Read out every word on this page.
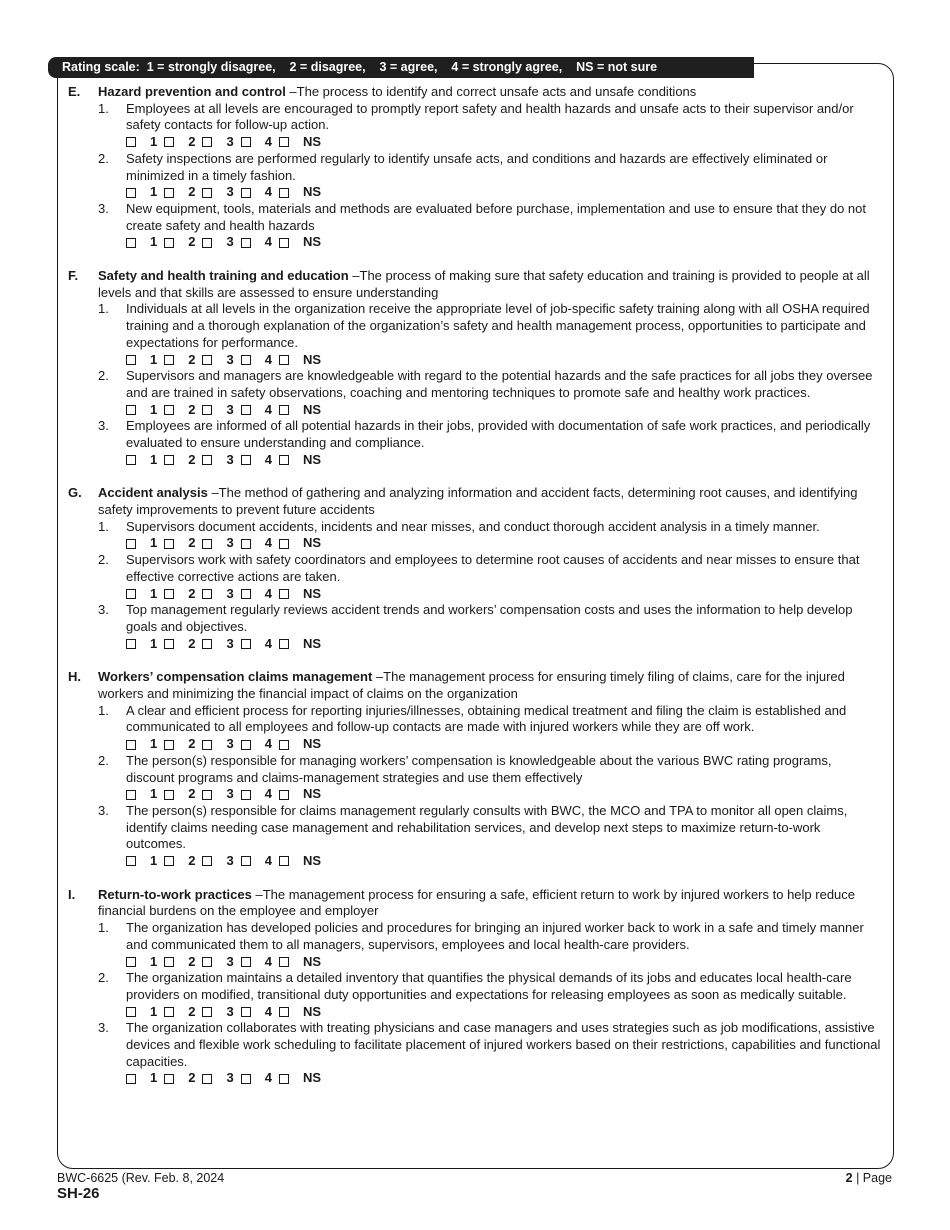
Rating scale:  1 = strongly disagree,    2 = disagree,    3 = agree,    4 = strongly agree,    NS = not sure
E.	Hazard prevention and control –The process to identify and correct unsafe acts and unsafe conditions
1.	Employees at all levels are encouraged to promptly report safety and health hazards and unsafe acts to their supervisor and/or safety contacts for follow-up action.
1 2 3 4 NS
2.	Safety inspections are performed regularly to identify unsafe acts, and conditions and hazards are effectively eliminated or minimized in a timely fashion.
1 2 3 4 NS
3.	New equipment, tools, materials and methods are evaluated before purchase, implementation and use to ensure that they do not create safety and health hazards
1 2 3 4 NS
F.	Safety and health training and education –The process of making sure that safety education and training is provided to people at all levels and that skills are assessed to ensure understanding
1.	Individuals at all levels in the organization receive the appropriate level of job-specific safety training along with all OSHA required training and a thorough explanation of the organization’s safety and health management process, opportunities to participate and expectations for performance.
1 2 3 4 NS
2.	Supervisors and managers are knowledgeable with regard to the potential hazards and the safe practices for all jobs they oversee and are trained in safety observations, coaching and mentoring techniques to promote safe and healthy work practices.
1 2 3 4 NS
3.	Employees are informed of all potential hazards in their jobs, provided with documentation of safe work practices, and periodically evaluated to ensure understanding and compliance.
1 2 3 4 NS
G.	Accident analysis –The method of gathering and analyzing information and accident facts, determining root causes, and identifying safety improvements to prevent future accidents
1.	Supervisors document accidents, incidents and near misses, and conduct thorough accident analysis in a timely manner.
1 2 3 4 NS
2.	Supervisors work with safety coordinators and employees to determine root causes of accidents and near misses to ensure that effective corrective actions are taken.
1 2 3 4 NS
3.	Top management regularly reviews accident trends and workers’ compensation costs and uses the information to help develop goals and objectives.
1 2 3 4 NS
H.	Workers’ compensation claims management –The management process for ensuring timely filing of claims, care for the injured workers and minimizing the financial impact of claims on the organization
1.	A clear and efficient process for reporting injuries/illnesses, obtaining medical treatment and filing the claim is established and communicated to all employees and follow-up contacts are made with injured workers while they are off work.
1 2 3 4 NS
2.	The person(s) responsible for managing workers’ compensation is knowledgeable about the various BWC rating programs, discount programs and claims-management strategies and use them effectively
1 2 3 4 NS
3.	The person(s) responsible for claims management regularly consults with BWC, the MCO and TPA to monitor all open claims, identify claims needing case management and rehabilitation services, and develop next steps to maximize return-to-work outcomes.
1 2 3 4 NS
I.	Return-to-work practices –The management process for ensuring a safe, efficient return to work by injured workers to help reduce financial burdens on the employee and employer
1.	The organization has developed policies and procedures for bringing an injured worker back to work in a safe and timely manner and communicated them to all managers, supervisors, employees and local health-care providers.
1 2 3 4 NS
2.	The organization maintains a detailed inventory that quantifies the physical demands of its jobs and educates local health-care providers on modified, transitional duty opportunities and expectations for releasing employees as soon as medically suitable.
1 2 3 4 NS
3.	The organization collaborates with treating physicians and case managers and uses strategies such as job modifications, assistive devices and flexible work scheduling to facilitate placement of injured workers based on their restrictions, capabilities and functional capacities.
1 2 3 4 NS
BWC-6625 (Rev. Feb. 8, 2024
SH-26
2 | Page
